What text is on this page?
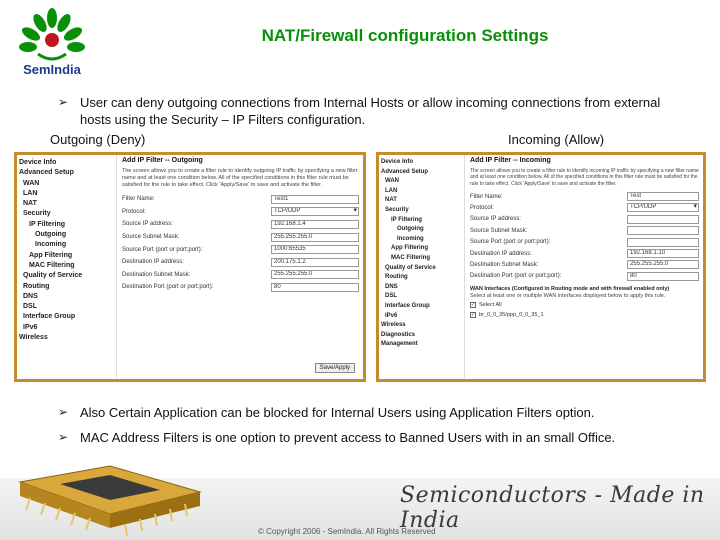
SemIndia
NAT/Firewall configuration Settings
➢ User can deny outgoing connections from Internal Hosts or allow incoming connections from external
hosts using the Security – IP Filters configuration.
Outgoing (Deny)	Incoming (Allow)
Device Info
Advanced Setup
WAN
LAN
NAT
Security
IP Filtering
Outgoing
Incoming
App Filtering
MAC Filtering
Quality of Service
Routing
DNS
DSL
Interface Group
IPv6
Wireless
Add IP Filter -- Outgoing
The screen allows you to create a filter rule to identify outgoing IP traffic by specifying a new filter name and at least one condition below. All of the specified conditions in this filter rule must be satisfied for the rule to take effect. Click 'Apply/Save' to save and activate the filter.
Filter Name:	Test1
Protocol:	TCP/UDP ▾
Source IP address:	192.168.1.4
Source Subnet Mask:	255.255.255.0
Source Port (port or port:port):	1000:65535
Destination IP address:	200.175.1.2
Destination Subnet Mask:	255.255.255.0
Destination Port (port or port:port):	80
Save/Apply
Device Info
Advanced Setup
WAN
LAN
NAT
Security
IP Filtering
Outgoing
Incoming
App Filtering
MAC Filtering
Quality of Service
Routing
DNS
DSL
Interface Group
IPv6
Wireless
Diagnostics
Management
Add IP Filter -- Incoming
The screen allows you to create a filter rule to identify incoming IP traffic by specifying a new filter name and at least one condition below. All of the specified conditions in this filter rule must be satisfied for the rule to take effect. Click 'Apply/Save' to save and activate the filter.
Filter Name:	Test
Protocol:	TCP/UDP ▾
Source IP address:
Source Subnet Mask:
Source Port (port or port:port):
Destination IP address:	192.168.1.10
Destination Subnet Mask:	255.255.255.0
Destination Port (port or port:port):	80
WAN Interfaces (Configured in Routing mode and with firewall enabled only)
Select at least one or multiple WAN interfaces displayed below to apply this rule.
✓ Select All
✓ br_0_0_35/ppp_0_0_35_1
➢ Also Certain Application can be blocked for Internal Users using Application Filters option.
➢ MAC Address Filters is one option to prevent access to Banned Users with in an small Office.
Semiconductors - Made in India
© Copyright 2006 - SemIndia. All Rights Reserved
